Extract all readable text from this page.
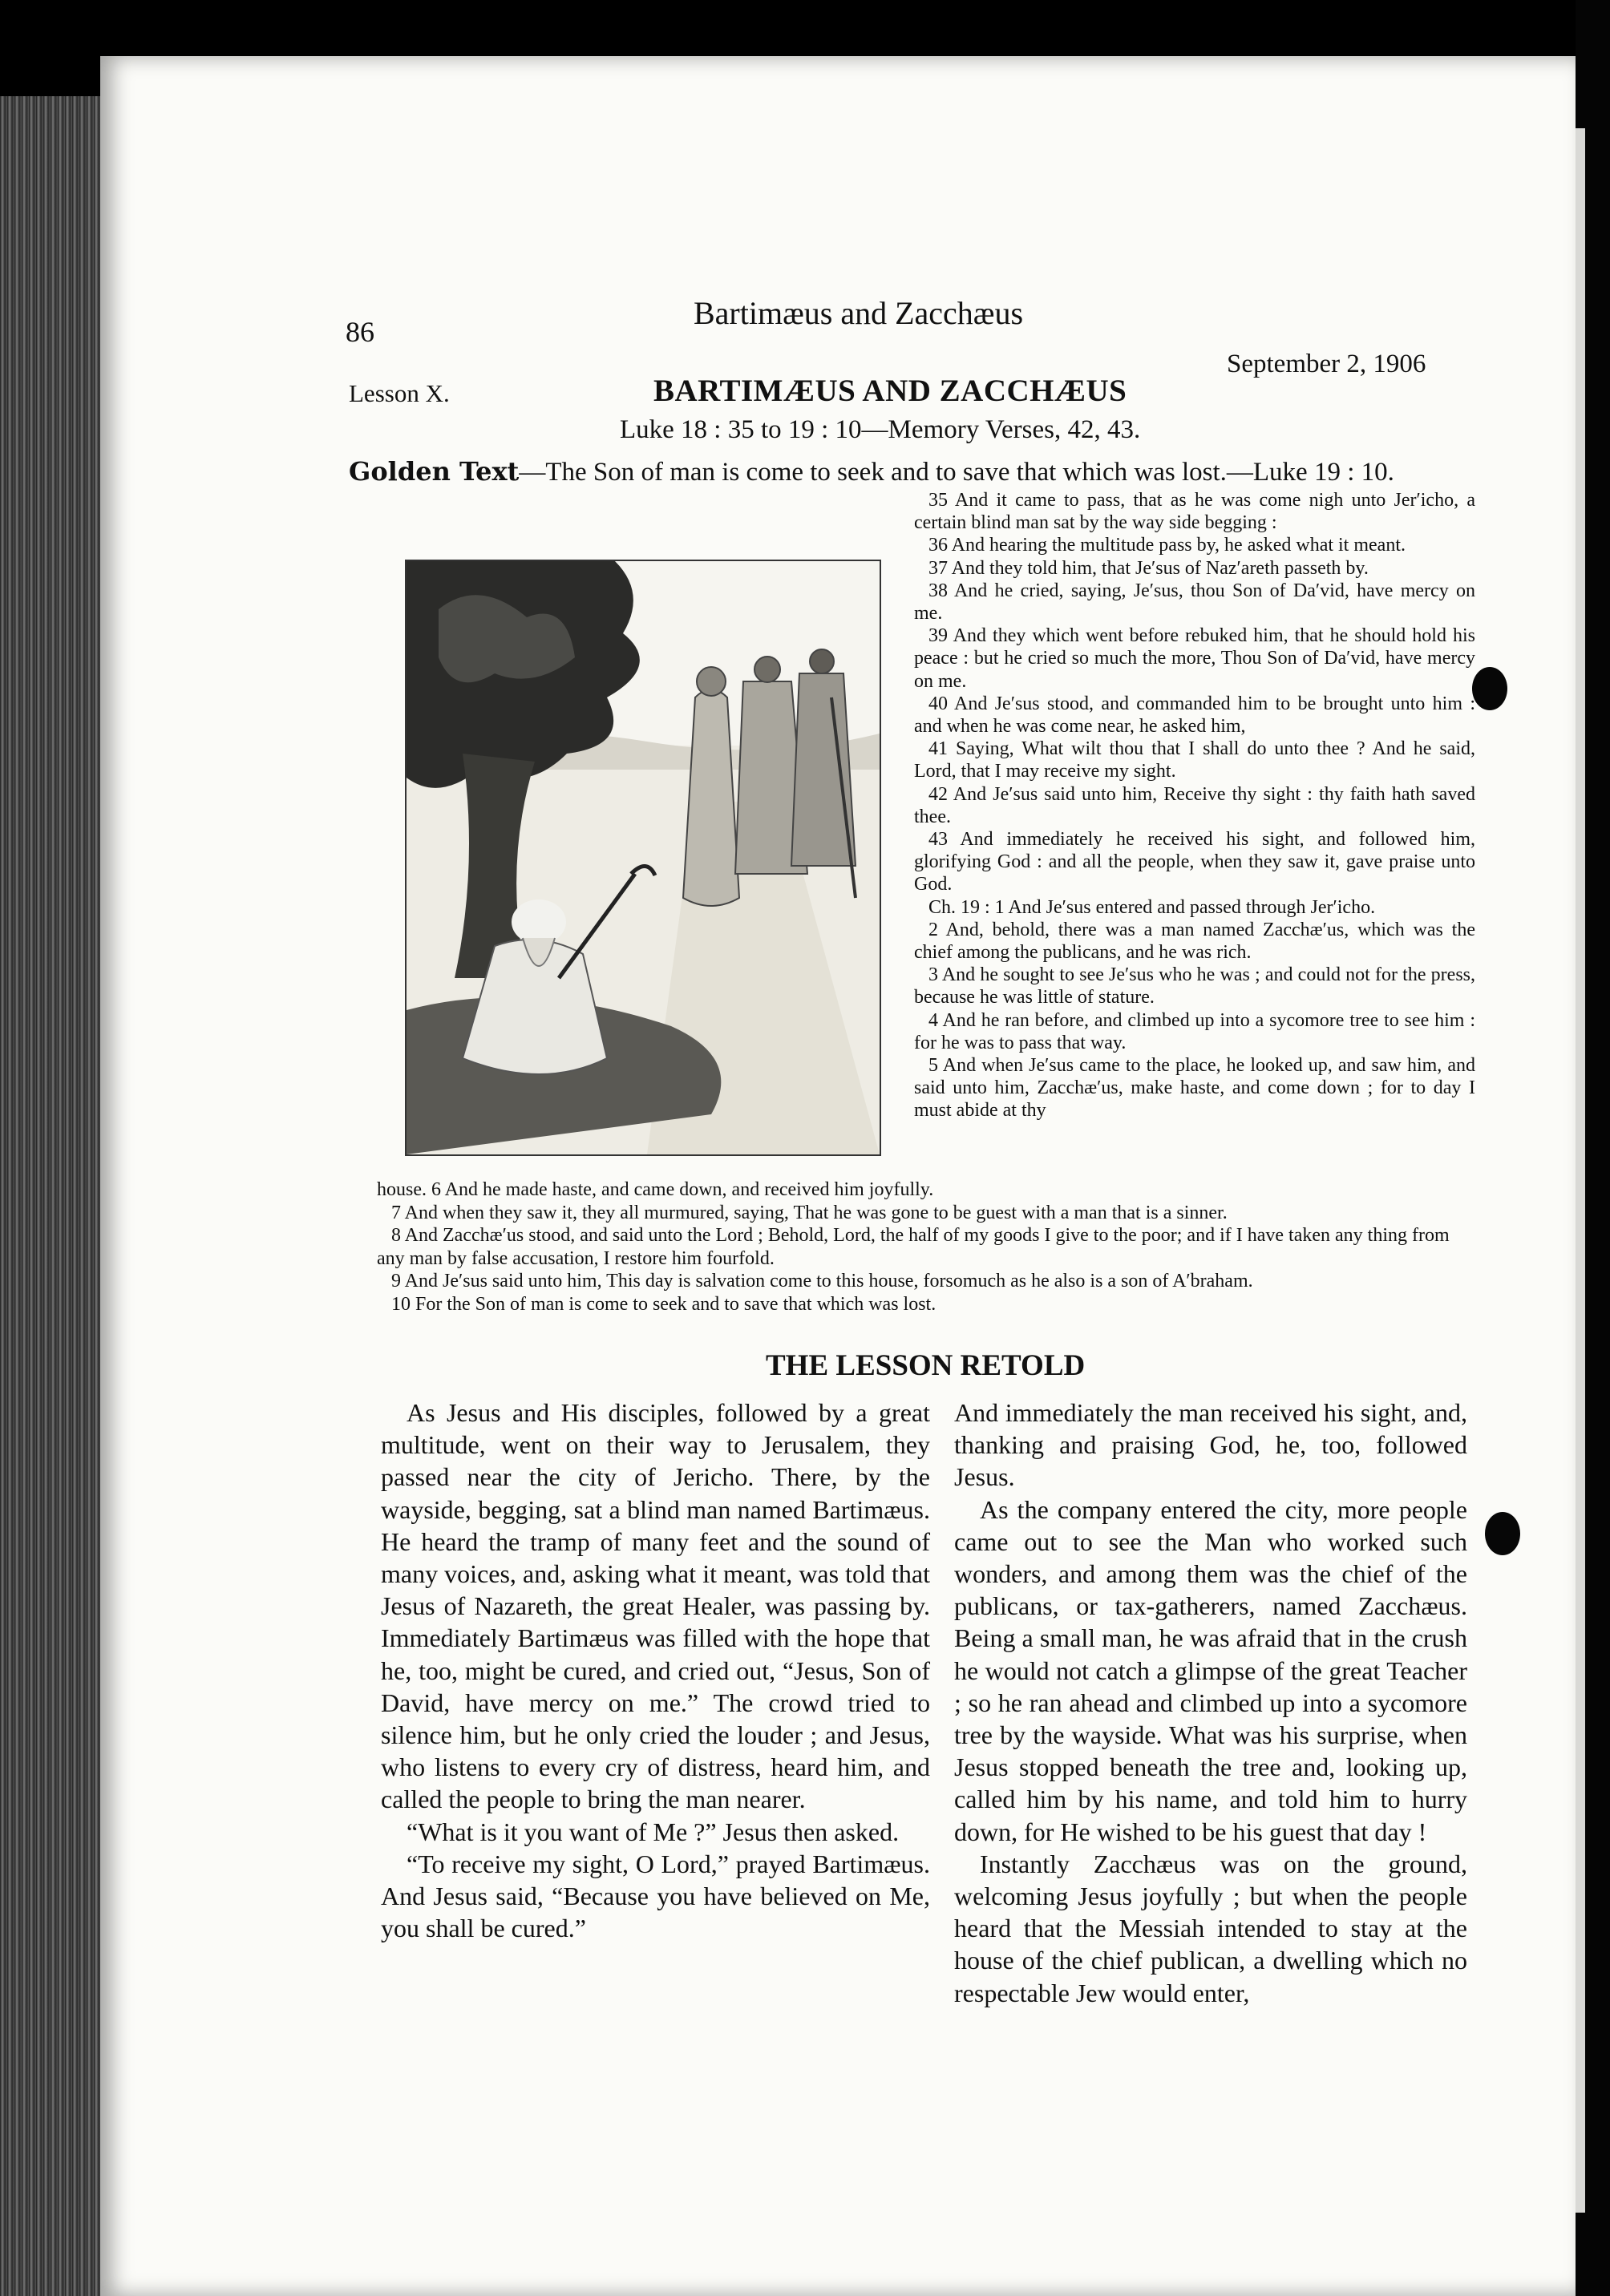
86
Bartimæus and Zacchæus
Lesson X.	BARTIMÆUS AND ZACCHÆUS
September 2, 1906
Luke 18 : 35 to 19 : 10—Memory Verses, 42, 43.
Golden Text—The Son of man is come to seek and to save that which was lost.—Luke 19 : 10.

35 And it came to pass, that as he was come nigh unto Jer′icho, a certain blind man sat by the way side begging :

36 And hearing the multitude pass by, he asked what it meant.

37 And they told him, that Je′sus of Naz′areth passeth by.

38 And he cried, saying, Je′sus, thou Son of Da′vid, have mercy on me.

39 And they which went before rebuked him, that he should hold his peace : but he cried so much the more, Thou Son of Da′vid, have mercy on me.

40 And Je′sus stood, and commanded him to be brought unto him : and when he was come near, he asked him,

41 Saying, What wilt thou that I shall do unto thee ? And he said, Lord, that I may receive my sight.

42 And Je′sus said unto him, Receive thy sight : thy faith hath saved thee.

43 And immediately he received his sight, and followed him, glorifying God : and all the people, when they saw it, gave praise unto God.

Ch. 19 : 1 And Je′sus entered and passed through Jer′icho.

2 And, behold, there was a man named Zacchæ′us, which was the chief among the publicans, and he was rich.

3 And he sought to see Je′sus who he was ; and could not for the press, because he was little of stature.

4 And he ran before, and climbed up into a sycomore tree to see him : for he was to pass that way.

5 And when Je′sus came to the place, he looked up, and saw him, and said unto him, Zacchæ′us, make haste, and come down ; for to day I must abide at thy

house. 6 And he made haste, and came down, and received him joyfully.

7 And when they saw it, they all murmured, saying, That he was gone to be guest with a man that is a sinner.

8 And Zacchæ′us stood, and said unto the Lord ; Behold, Lord, the half of my goods I give to the poor; and if I have taken any thing from any man by false accusation, I restore him fourfold.

9 And Je′sus said unto him, This day is salvation come to this house, forsomuch as he also is a son of A′braham.

10 For the Son of man is come to seek and to save that which was lost.

THE LESSON RETOLD

As Jesus and His disciples, followed by a great multitude, went on their way to Jerusalem, they passed near the city of Jericho. There, by the wayside, begging, sat a blind man named Bartimæus. He heard the tramp of many feet and the sound of many voices, and, asking what it meant, was told that Jesus of Nazareth, the great Healer, was passing by. Immediately Bartimæus was filled with the hope that he, too, might be cured, and cried out, “Jesus, Son of David, have mercy on me.” The crowd tried to silence him, but he only cried the louder ; and Jesus, who listens to every cry of distress, heard him, and called the people to bring the man nearer.

“What is it you want of Me ?” Jesus then asked.

“To receive my sight, O Lord,” prayed Bartimæus. And Jesus said, “Because you have believed on Me, you shall be cured.”

And immediately the man received his sight, and, thanking and praising God, he, too, followed Jesus.

As the company entered the city, more people came out to see the Man who worked such wonders, and among them was the chief of the publicans, or tax-gatherers, named Zacchæus. Being a small man, he was afraid that in the crush he would not catch a glimpse of the great Teacher ; so he ran ahead and climbed up into a sycomore tree by the wayside. What was his surprise, when Jesus stopped beneath the tree and, looking up, called him by his name, and told him to hurry down, for He wished to be his guest that day !

Instantly Zacchæus was on the ground, welcoming Jesus joyfully ; but when the people heard that the Messiah intended to stay at the house of the chief publican, a dwelling which no respectable Jew would enter,
